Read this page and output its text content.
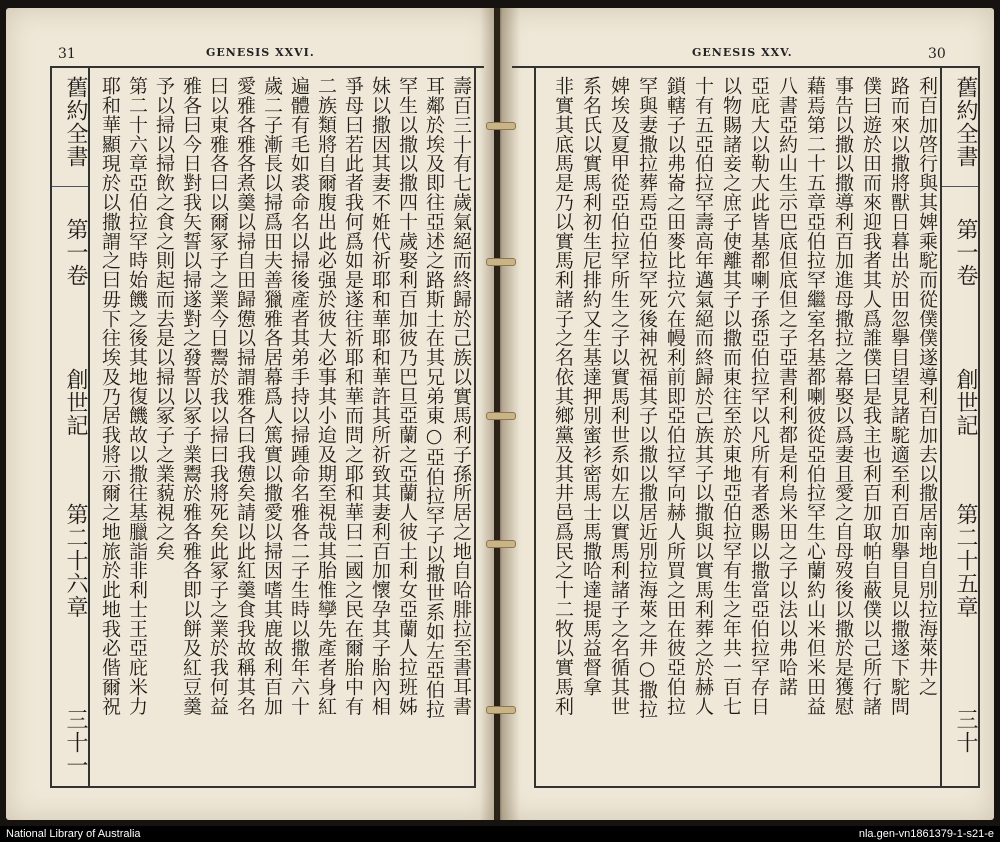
31	GENESIS XXVI.
舊約全書
第一卷
創世記
第二十六章
三十一
壽百三十有七歲氣絕而終歸於己族以實馬利子孫所居之地自哈腓拉至書耳書
耳鄰於埃及即往亞述之路斯土在其兄弟東○亞伯拉罕子以撒世系如左亞伯拉
罕生以撒以撒四十歲娶利百加彼乃巴旦亞蘭之亞蘭人彼土利女亞蘭人拉班姊
妹以撒因其妻不姙代祈耶和華耶和華許其所祈致其妻利百加懷孕其子胎內相
爭母曰若此者我何爲如是遂往祈耶和華而問之耶和華曰二國之民在爾胎中有
二族類將自爾腹出此必强於彼大必事其小迨及期至視哉其胎惟孿先產者身紅
遍體有毛如裘命名以掃後產者其弟手持以掃踵命名雅各二子生時以撒年六十
歲二子漸長以掃爲田夫善獵雅各居幕爲人篤實以撒愛以掃因嗜其鹿故利百加
愛雅各雅各煮羹以掃自田歸憊以掃謂雅各曰我憊矣請以此紅羹食我故稱其名
曰以東雅各曰以爾冢子之業今日鬻於我以掃曰我將死矣此冢子之業於我何益
雅各曰今日對我矢誓以掃遂對之發誓以冢子業鬻於雅各雅各即以餅及紅豆羹
予以掃以掃飲之食之則起而去是以掃以冢子之業藐視之矣
第二十六章亞伯拉罕時始饑之後其地復饑故以撒往基臘詣非利士王亞庇米力
耶和華顯現於以撒謂之曰毋下往埃及乃居我將示爾之地旅於此地我必偕爾祝
GENESIS XXV.	30
利百加啓行與其婢乘駝而從僕僕遂導利百加去以撒居南地自別拉海萊井之
路而來以撒將獸日暮出於田忽擧目望見諸駝適至利百加擧目見以撒遂下駝問
僕曰遊於田而來迎我者其人爲誰僕曰是我主也利百加取帕自蔽僕以己所行諸
事告以撒以撒導利百加進母撒拉之幕娶以爲妻且愛之自母歿後以撒於是獲慰
藉焉第二十五章亞伯拉罕繼室名基都喇彼從亞伯拉罕生心蘭約山米但米田益
八書亞約山生示巴底但底但之子亞書利利都是利烏米田之子以法以弗哈諾
亞庇大以勒大此皆基都喇子孫亞伯拉罕以凡所有者悉賜以撒當亞伯拉罕存日
以物賜諸妾之庶子使離其子以撒而東往至於東地亞伯拉罕有生之年共一百七
十有五亞伯拉罕壽高年邁氣絕而終歸於己族其子以撒與以實馬利葬之於赫人
鎖轄子以弗崙之田麥比拉穴在幔利前即亞伯拉罕向赫人所買之田在彼亞伯拉
罕與妻撒拉葬焉亞伯拉罕死後神祝福其子以撒以撒居近別拉海萊之井○撒拉
婢埃及夏甲從亞伯拉罕所生之子以實馬利世系如左以實馬利諸子之名循其世
系名氏以實馬利初生尼排約又生基達押別蜜衫密馬士馬撒哈達提馬益督拿
非實其底馬是乃以實馬利諸子之名依其鄉黨及其井邑爲民之十二牧以實馬利	舊約全書
第一卷
創世記
第二十五章
三十
National Library of Australia	nla.gen-vn1861379-1-s21-e
